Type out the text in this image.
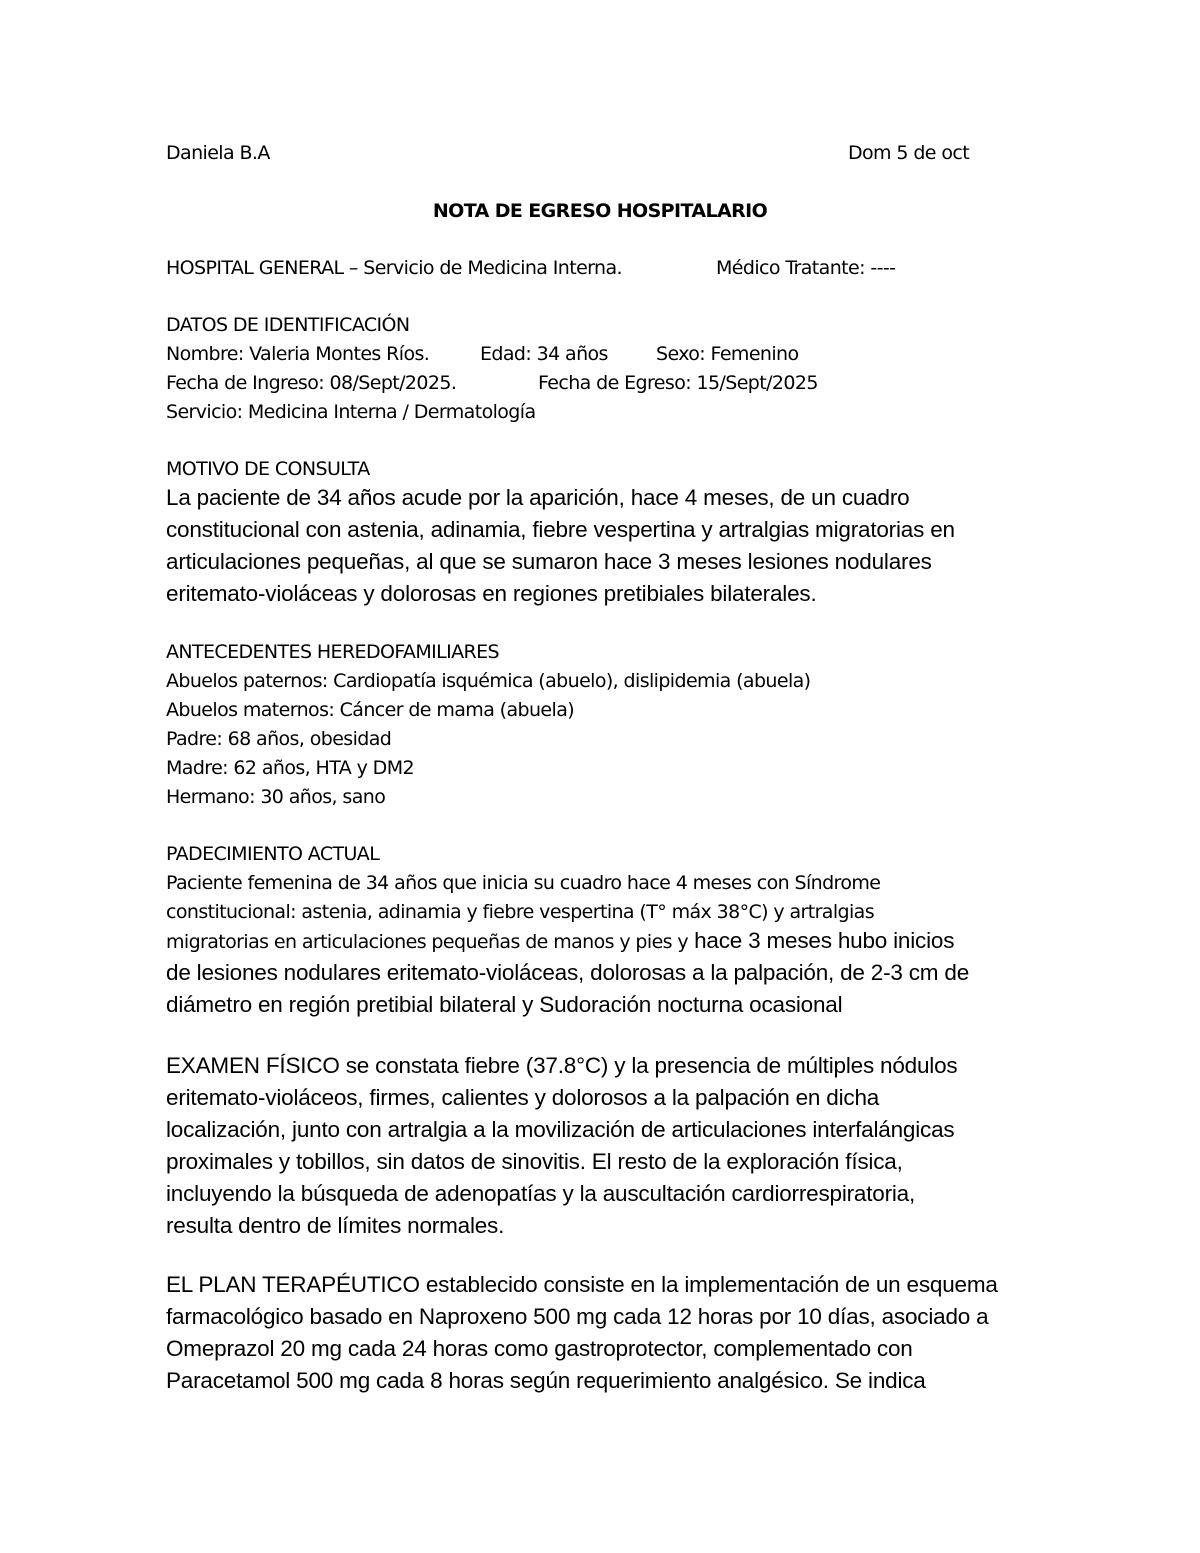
Daniela B.A	Dom 5 de oct

NOTA DE EGRESO HOSPITALARIO

HOSPITAL GENERAL – Servicio de Medicina Interna.	Médico Tratante: ----

DATOS DE IDENTIFICACIÓN

Nombre: Valeria Montes Ríos.	Edad: 34 años	Sexo: Femenino

Fecha de Ingreso: 08/Sept/2025.	Fecha de Egreso: 15/Sept/2025

Servicio: Medicina Interna / Dermatología

MOTIVO DE CONSULTA

La paciente de 34 años acude por la aparición, hace 4 meses, de un cuadro

constitucional con astenia, adinamia, fiebre vespertina y artralgias migratorias en

articulaciones pequeñas, al que se sumaron hace 3 meses lesiones nodulares

eritemato-violáceas y dolorosas en regiones pretibiales bilaterales.

ANTECEDENTES HEREDOFAMILIARES

Abuelos paternos: Cardiopatía isquémica (abuelo), dislipidemia (abuela)

Abuelos maternos: Cáncer de mama (abuela)

Padre: 68 años, obesidad

Madre: 62 años, HTA y DM2

Hermano: 30 años, sano

PADECIMIENTO ACTUAL

Paciente femenina de 34 años que inicia su cuadro hace 4 meses con Síndrome

constitucional: astenia, adinamia y fiebre vespertina (T° máx 38°C) y artralgias

migratorias en articulaciones pequeñas de manos y pies y hace 3 meses hubo inicios

de lesiones nodulares eritemato-violáceas, dolorosas a la palpación, de 2-3 cm de

diámetro en región pretibial bilateral y Sudoración nocturna ocasional

EXAMEN FÍSICO se constata fiebre (37.8°C) y la presencia de múltiples nódulos

eritemato-violáceos, firmes, calientes y dolorosos a la palpación en dicha

localización, junto con artralgia a la movilización de articulaciones interfalángicas

proximales y tobillos, sin datos de sinovitis. El resto de la exploración física,

incluyendo la búsqueda de adenopatías y la auscultación cardiorrespiratoria,

resulta dentro de límites normales.

EL PLAN TERAPÉUTICO establecido consiste en la implementación de un esquema

farmacológico basado en Naproxeno 500 mg cada 12 horas por 10 días, asociado a

Omeprazol 20 mg cada 24 horas como gastroprotector, complementado con

Paracetamol 500 mg cada 8 horas según requerimiento analgésico. Se indica
